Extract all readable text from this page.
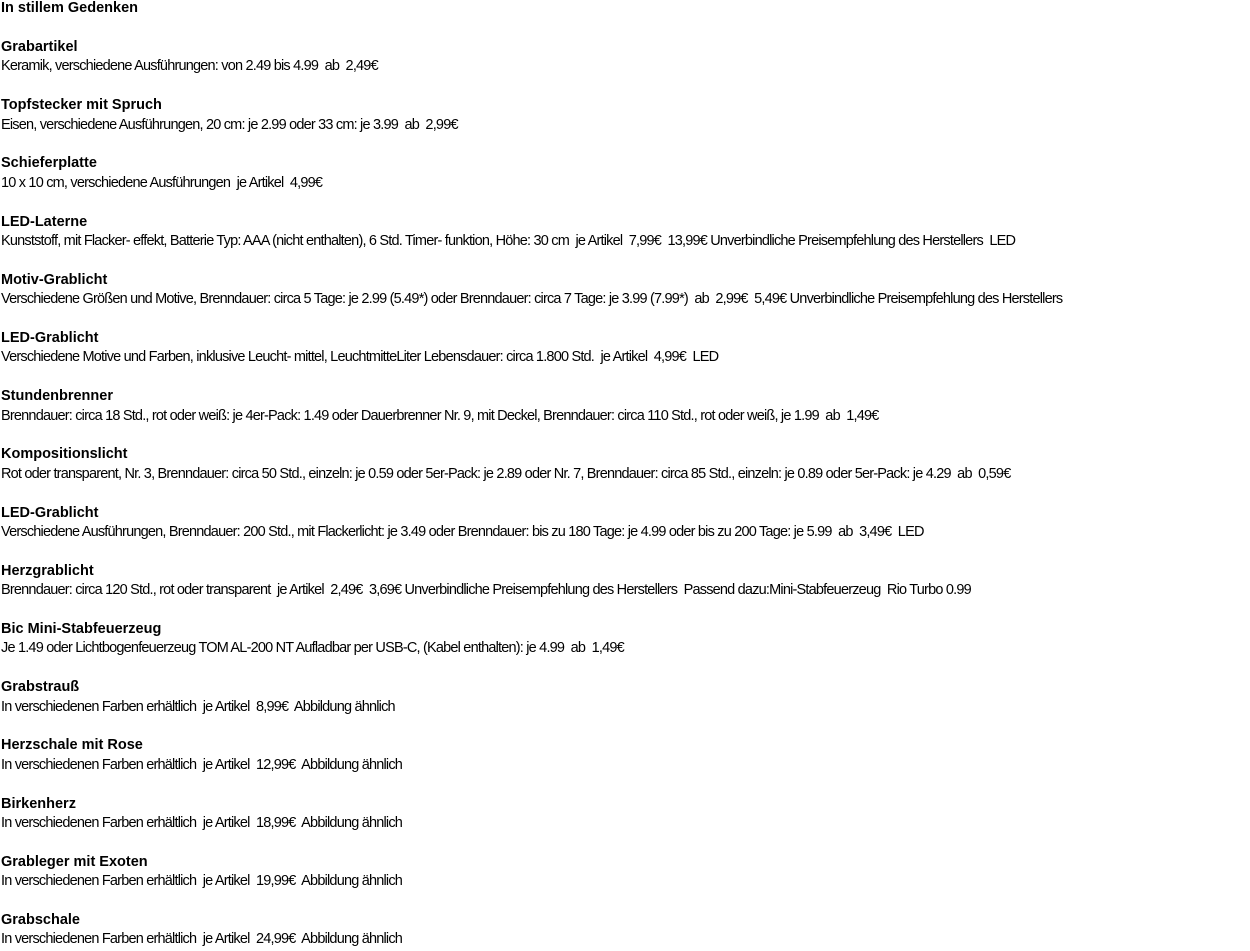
In stillem Gedenken

Grabartikel

Keramik, verschiedene Ausführungen: von 2.49 bis 4.99  ab  2,49€

Topfstecker mit Spruch

Eisen, verschiedene Ausführungen, 20 cm: je 2.99 oder 33 cm: je 3.99  ab  2,99€

Schieferplatte

10 x 10 cm, verschiedene Ausführungen  je Artikel  4,99€

LED-Laterne

Kunststoff, mit Flacker- effekt, Batterie Typ: AAA (nicht enthalten), 6 Std. Timer- funktion, Höhe: 30 cm  je Artikel  7,99€  13,99€ Unverbindliche Preisempfehlung des Herstellers  LED

Motiv-Grablicht

Verschiedene Größen und Motive, Brenndauer: circa 5 Tage: je 2.99 (5.49*) oder Brenndauer: circa 7 Tage: je 3.99 (7.99*)  ab  2,99€  5,49€ Unverbindliche Preisempfehlung des Herstellers

LED-Grablicht

Verschiedene Motive und Farben, inklusive Leucht- mittel, LeuchtmitteLiter Lebensdauer: circa 1.800 Std.  je Artikel  4,99€  LED

Stundenbrenner

Brenndauer: circa 18 Std., rot oder weiß: je 4er-Pack: 1.49 oder Dauerbrenner Nr. 9, mit Deckel, Brenndauer: circa 110 Std., rot oder weiß, je 1.99  ab  1,49€

Kompositionslicht

Rot oder transparent, Nr. 3, Brenndauer: circa 50 Std., einzeln: je 0.59 oder 5er-Pack: je 2.89 oder Nr. 7, Brenndauer: circa 85 Std., einzeln: je 0.89 oder 5er-Pack: je 4.29  ab  0,59€

LED-Grablicht

Verschiedene Ausführungen, Brenndauer: 200 Std., mit Flackerlicht: je 3.49 oder Brenndauer: bis zu 180 Tage: je 4.99 oder bis zu 200 Tage: je 5.99  ab  3,49€  LED

Herzgrablicht

Brenndauer: circa 120 Std., rot oder transparent  je Artikel  2,49€  3,69€ Unverbindliche Preisempfehlung des Herstellers  Passend dazu:Mini-Stabfeuerzeug  Rio Turbo 0.99

Bic Mini-Stabfeuerzeug

Je 1.49 oder Lichtbogenfeuerzeug TOM AL-200 NT Aufladbar per USB-C, (Kabel enthalten): je 4.99  ab  1,49€

Grabstrauß

In verschiedenen Farben erhältlich  je Artikel  8,99€  Abbildung ähnlich

Herzschale mit Rose

In verschiedenen Farben erhältlich  je Artikel  12,99€  Abbildung ähnlich

Birkenherz

In verschiedenen Farben erhältlich  je Artikel  18,99€  Abbildung ähnlich

Grableger mit Exoten

In verschiedenen Farben erhältlich  je Artikel  19,99€  Abbildung ähnlich

Grabschale

In verschiedenen Farben erhältlich  je Artikel  24,99€  Abbildung ähnlich
